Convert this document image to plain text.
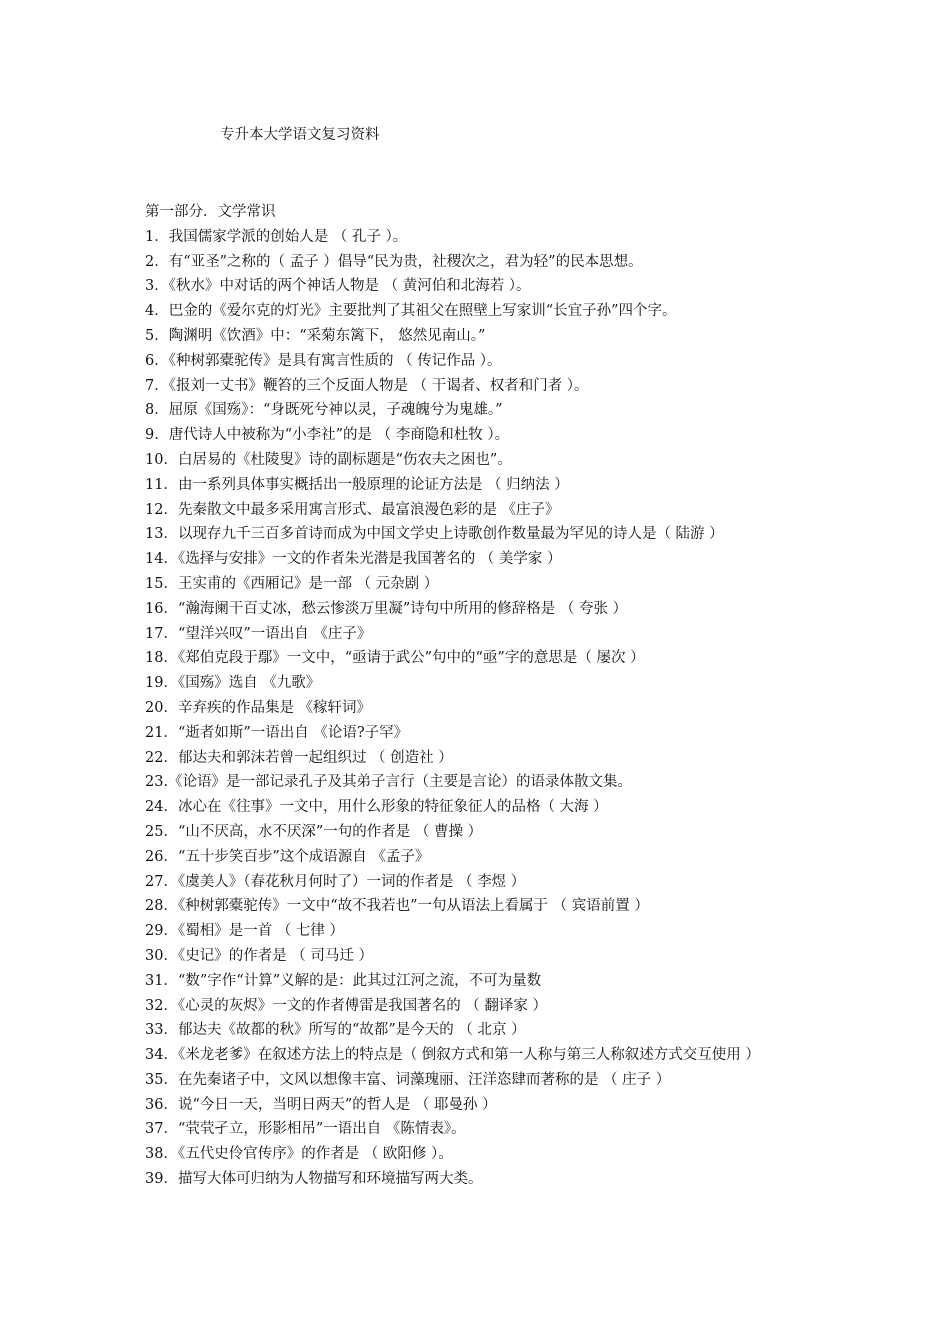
专升本大学语文复习资料
第一部分．文学常识
1．我国儒家学派的创始人是 （ 孔子 ）。
2．有“亚圣”之称的（ 孟子 ）倡导“民为贵，社稷次之，君为轻”的民本思想。
3．《秋水》中对话的两个神话人物是 （ 黄河伯和北海若 ）。
4．巴金的《爱尔克的灯光》主要批判了其祖父在照壁上写家训“长宜子孙”四个字。
5．陶渊明《饮酒》中：“采菊东篱下， 悠然见南山。”
6．《种树郭橐驼传》是具有寓言性质的 （ 传记作品 ）。
7．《报刘一丈书》鞭笞的三个反面人物是 （ 干谒者、权者和门者 ）。
8．屈原《国殇》：“身既死兮神以灵，子魂魄兮为鬼雄。”
9．唐代诗人中被称为“小李社”的是 （ 李商隐和杜牧 ）。
10．白居易的《杜陵叟》诗的副标题是“伤农夫之困也”。
11．由一系列具体事实概括出一般原理的论证方法是 （ 归纳法 ）
12．先秦散文中最多采用寓言形式、最富浪漫色彩的是 《庄子》
13．以现存九千三百多首诗而成为中国文学史上诗歌创作数量最为罕见的诗人是（ 陆游 ）
14．《选择与安排》一文的作者朱光潜是我国著名的 （ 美学家 ）
15．王实甫的《西厢记》是一部 （ 元杂剧 ）
16．“瀚海阑干百丈冰，愁云惨淡万里凝”诗句中所用的修辞格是 （ 夸张 ）
17．“望洋兴叹”一语出自 《庄子》
18．《郑伯克段于鄢》一文中，“亟请于武公”句中的“亟”字的意思是（ 屡次 ）
19．《国殇》选自 《九歌》
20．辛弃疾的作品集是 《稼轩词》
21．“逝者如斯”一语出自 《论语?子罕》
22．郁达夫和郭沫若曾一起组织过 （ 创造社 ）
23.《论语》是一部记录孔子及其弟子言行（主要是言论）的语录体散文集。
24．冰心在《往事》一文中，用什么形象的特征象征人的品格（ 大海 ）
25．“山不厌高，水不厌深”一句的作者是 （ 曹操 ）
26．“五十步笑百步”这个成语源自 《孟子》
27．《虞美人》（春花秋月何时了）一词的作者是 （ 李煜 ）
28．《种树郭橐驼传》一文中“故不我若也”一句从语法上看属于 （ 宾语前置 ）
29．《蜀相》是一首 （ 七律 ）
30．《史记》的作者是 （ 司马迁 ）
31．“数”字作“计算”义解的是：此其过江河之流，不可为量数
32．《心灵的灰烬》一文的作者傅雷是我国著名的 （ 翻译家 ）
33．郁达夫《故都的秋》所写的“故都”是今天的 （ 北京 ）
34．《米龙老爹》在叙述方法上的特点是（ 倒叙方式和第一人称与第三人称叙述方式交互使用 ）
35．在先秦诸子中，文风以想像丰富、词藻瑰丽、汪洋恣肆而著称的是 （ 庄子 ）
36．说“今日一天，当明日两天”的哲人是 （ 耶曼孙 ）
37．“茕茕孑立，形影相吊”一语出自 《陈情表》。
38．《五代史伶官传序》的作者是 （ 欧阳修 ）。
39．描写大体可归纳为人物描写和环境描写两大类。
